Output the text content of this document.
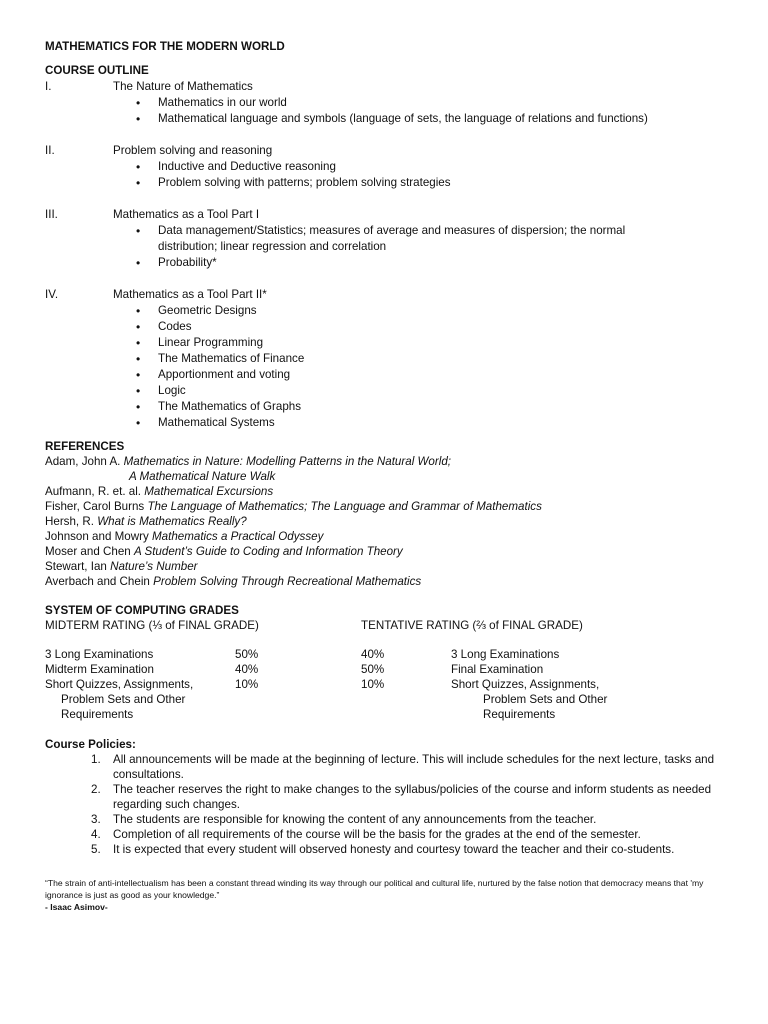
MATHEMATICS FOR THE MODERN WORLD
COURSE OUTLINE
I.	The Nature of Mathematics
• Mathematics in our world
• Mathematical language and symbols (language of sets, the language of relations and functions)
II.	Problem solving and reasoning
• Inductive and Deductive reasoning
• Problem solving with patterns; problem solving strategies
III.	Mathematics as a Tool Part I
• Data management/Statistics; measures of average and measures of dispersion; the normal distribution; linear regression and correlation
• Probability*
IV.	Mathematics as a Tool Part II*
• Geometric Designs
• Codes
• Linear Programming
• The Mathematics of Finance
• Apportionment and voting
• Logic
• The Mathematics of Graphs
• Mathematical Systems
REFERENCES
Adam, John A. Mathematics in Nature: Modelling Patterns in the Natural World;
A Mathematical Nature Walk
Aufmann, R. et. al. Mathematical Excursions
Fisher, Carol Burns The Language of Mathematics; The Language and Grammar of Mathematics
Hersh, R. What is Mathematics Really?
Johnson and Mowry Mathematics a Practical Odyssey
Moser and Chen A Student’s Guide to Coding and Information Theory
Stewart, Ian Nature’s Number
Averbach and Chein Problem Solving Through Recreational Mathematics
SYSTEM OF COMPUTING GRADES
MIDTERM RATING (⅓ of FINAL GRADE)	TENTATIVE RATING (⅔ of FINAL GRADE)
3 Long Examinations	50%	40%	3 Long Examinations
Midterm Examination	40%	50%	Final Examination
Short Quizzes, Assignments,	10%	10%	Short Quizzes, Assignments,
Problem Sets and Other	Problem Sets and Other
Requirements	Requirements
Course Policies:
1. All announcements will be made at the beginning of lecture. This will include schedules for the next lecture, tasks and consultations.
2. The teacher reserves the right to make changes to the syllabus/policies of the course and inform students as needed regarding such changes.
3. The students are responsible for knowing the content of any announcements from the teacher.
4. Completion of all requirements of the course will be the basis for the grades at the end of the semester.
5. It is expected that every student will observed honesty and courtesy toward the teacher and their co-students.
“The strain of anti-intellectualism has been a constant thread winding its way through our political and cultural life, nurtured by the false notion that democracy means that 'my ignorance is just as good as your knowledge.”
- Isaac Asimov-
